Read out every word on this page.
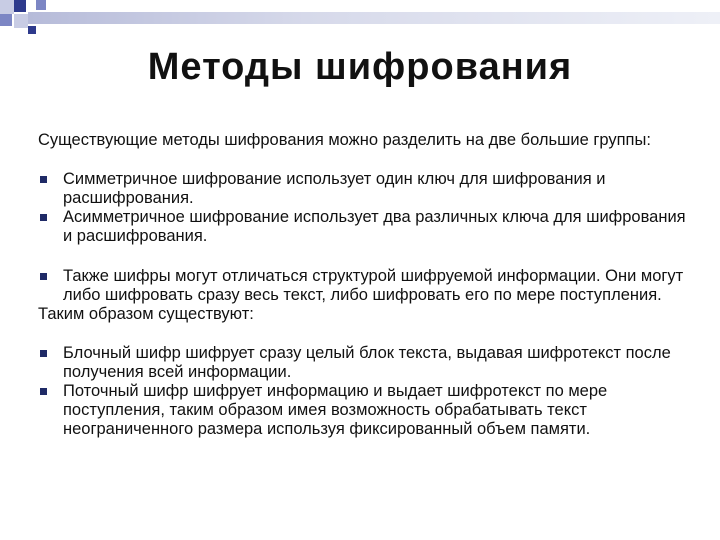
Методы шифрования
Существующие методы шифрования можно разделить на две большие группы:
Симметричное шифрование использует один ключ для шифрования и расшифрования.
Асимметричное шифрование использует два различных ключа для шифрования и расшифрования.
Также шифры могут отличаться структурой шифруемой информации. Они могут либо шифровать сразу весь текст, либо шифровать его по мере поступления.
Таким образом существуют:
Блочный шифр шифрует сразу целый блок текста, выдавая шифротекст после получения всей информации.
Поточный шифр шифрует информацию и выдает шифротекст по мере поступления, таким образом имея возможность обрабатывать текст неограниченного размера используя фиксированный объем памяти.
